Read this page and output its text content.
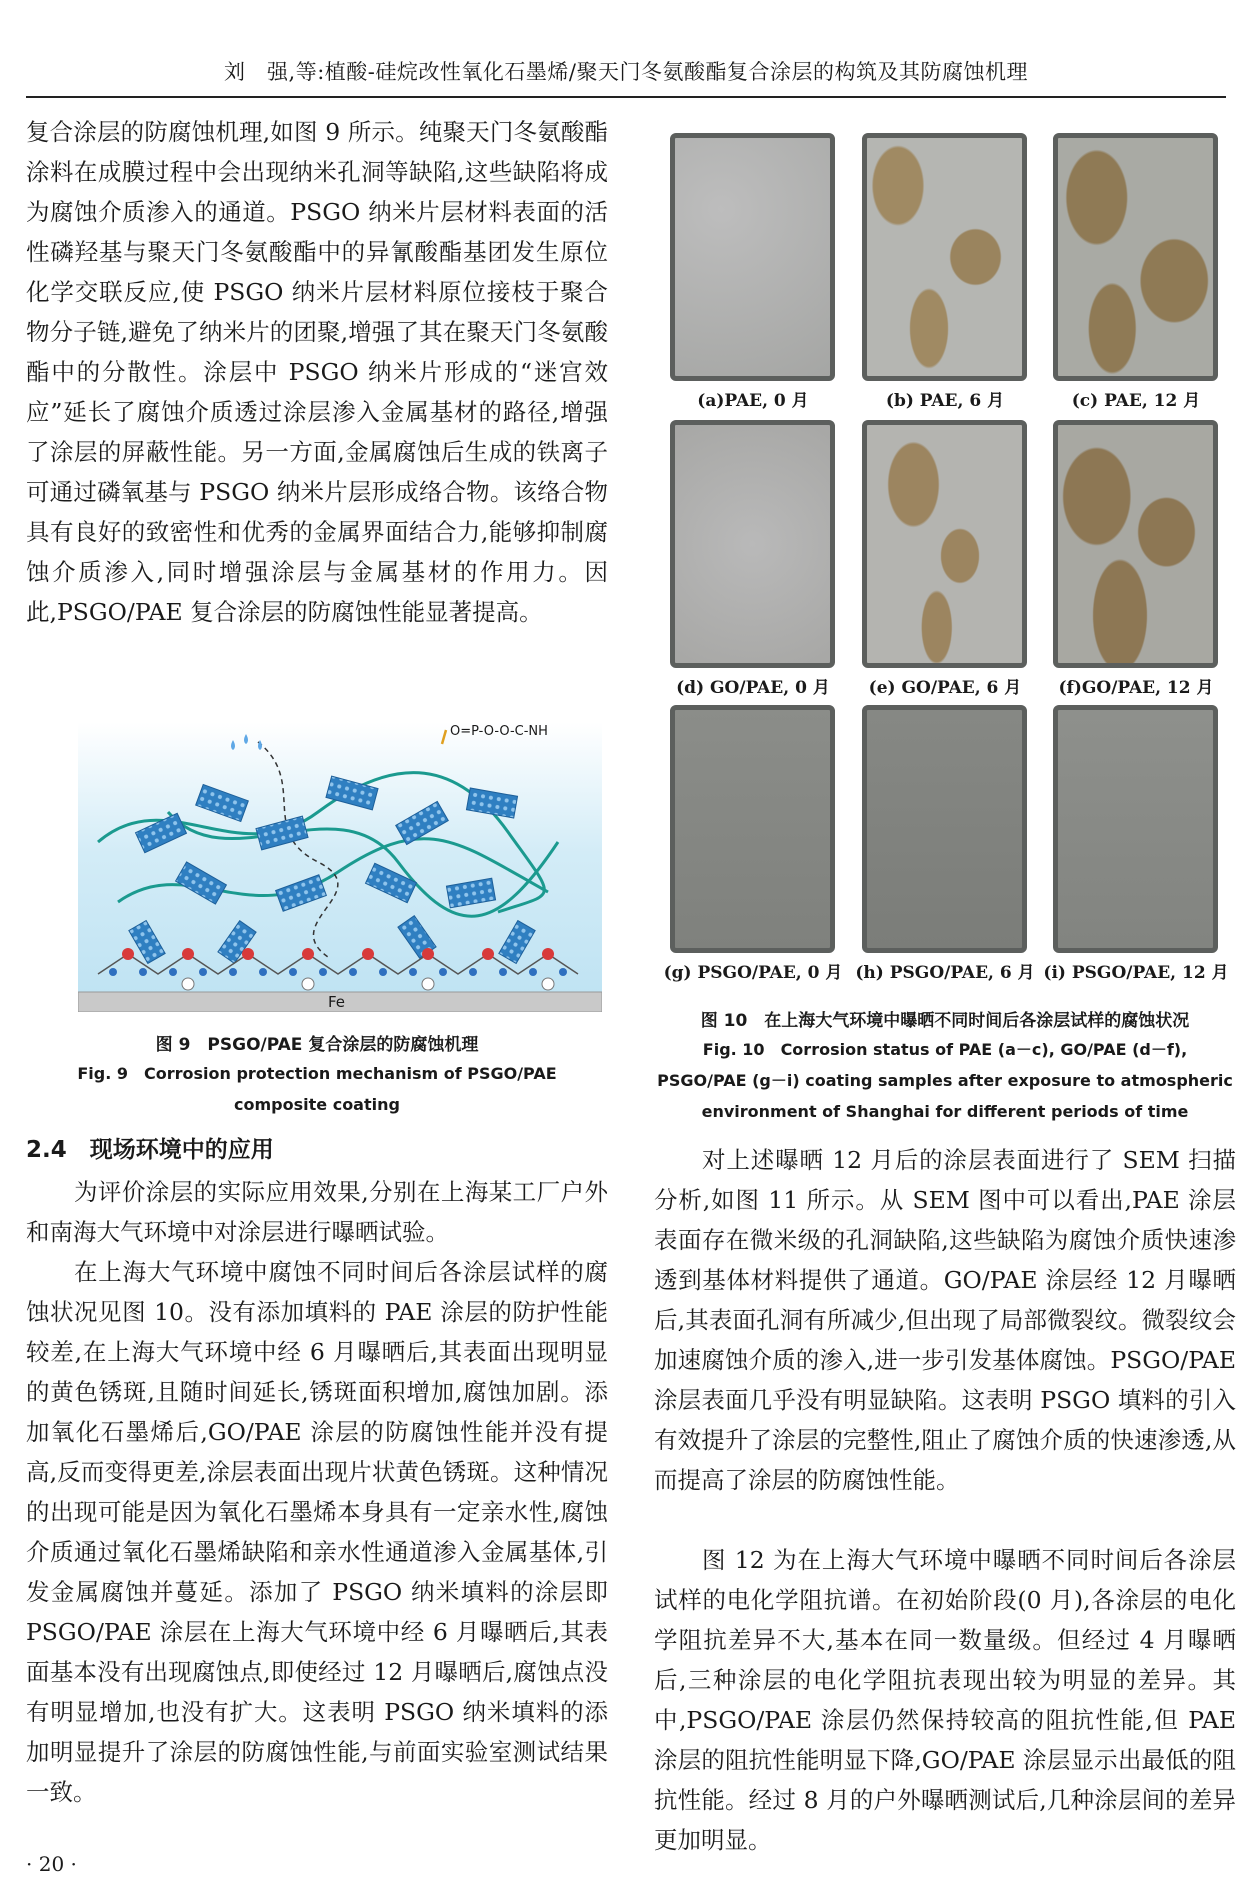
刘　强,等:植酸-硅烷改性氧化石墨烯/聚天门冬氨酸酯复合涂层的构筑及其防腐蚀机理

复合涂层的防腐蚀机理,如图 9 所示。纯聚天门冬氨酸酯涂料在成膜过程中会出现纳米孔洞等缺陷,这些缺陷将成为腐蚀介质渗入的通道。PSGO 纳米片层材料表面的活性磷羟基与聚天门冬氨酸酯中的异氰酸酯基团发生原位化学交联反应,使 PSGO 纳米片层材料原位接枝于聚合物分子链,避免了纳米片的团聚,增强了其在聚天门冬氨酸酯中的分散性。涂层中 PSGO 纳米片形成的“迷宫效应”延长了腐蚀介质透过涂层渗入金属基材的路径,增强了涂层的屏蔽性能。另一方面,金属腐蚀后生成的铁离子可通过磷氧基与 PSGO 纳米片层形成络合物。该络合物具有良好的致密性和优秀的金属界面结合力,能够抑制腐蚀介质渗入,同时增强涂层与金属基材的作用力。因此,PSGO/PAE 复合涂层的防腐蚀性能显著提高。

O=P-O-O-C-NH
Fe
图 9　PSGO/PAE 复合涂层的防腐蚀机理
Fig. 9　Corrosion protection mechanism of PSGO/PAE
composite coating
2.4　现场环境中的应用

为评价涂层的实际应用效果,分别在上海某工厂户外和南海大气环境中对涂层进行曝晒试验。

在上海大气环境中腐蚀不同时间后各涂层试样的腐蚀状况见图 10。没有添加填料的 PAE 涂层的防护性能较差,在上海大气环境中经 6 月曝晒后,其表面出现明显的黄色锈斑,且随时间延长,锈斑面积增加,腐蚀加剧。添加氧化石墨烯后,GO/PAE 涂层的防腐蚀性能并没有提高,反而变得更差,涂层表面出现片状黄色锈斑。这种情况的出现可能是因为氧化石墨烯本身具有一定亲水性,腐蚀介质通过氧化石墨烯缺陷和亲水性通道渗入金属基体,引发金属腐蚀并蔓延。添加了 PSGO 纳米填料的涂层即 PSGO/PAE 涂层在上海大气环境中经 6 月曝晒后,其表面基本没有出现腐蚀点,即使经过 12 月曝晒后,腐蚀点没有明显增加,也没有扩大。这表明 PSGO 纳米填料的添加明显提升了涂层的防腐蚀性能,与前面实验室测试结果一致。

(a)PAE, 0 月	(b) PAE, 6 月	(c) PAE, 12 月
(d) GO/PAE, 0 月	(e) GO/PAE, 6 月	(f)GO/PAE, 12 月
(g) PSGO/PAE, 0 月 (h) PSGO/PAE, 6 月 (i) PSGO/PAE, 12 月
图 10　在上海大气环境中曝晒不同时间后各涂层试样的腐蚀状况
Fig. 10　Corrosion status of PAE (a－c), GO/PAE (d－f),
PSGO/PAE (g－i) coating samples after exposure to atmospheric
environment of Shanghai for different periods of time

对上述曝晒 12 月后的涂层表面进行了 SEM 扫描分析,如图 11 所示。从 SEM 图中可以看出,PAE 涂层表面存在微米级的孔洞缺陷,这些缺陷为腐蚀介质快速渗透到基体材料提供了通道。GO/PAE 涂层经 12 月曝晒后,其表面孔洞有所减少,但出现了局部微裂纹。微裂纹会加速腐蚀介质的渗入,进一步引发基体腐蚀。PSGO/PAE 涂层表面几乎没有明显缺陷。这表明 PSGO 填料的引入有效提升了涂层的完整性,阻止了腐蚀介质的快速渗透,从而提高了涂层的防腐蚀性能。

图 12 为在上海大气环境中曝晒不同时间后各涂层试样的电化学阻抗谱。在初始阶段(0 月),各涂层的电化学阻抗差异不大,基本在同一数量级。但经过 4 月曝晒后,三种涂层的电化学阻抗表现出较为明显的差异。其中,PSGO/PAE 涂层仍然保持较高的阻抗性能,但 PAE 涂层的阻抗性能明显下降,GO/PAE 涂层显示出最低的阻抗性能。经过 8 月的户外曝晒测试后,几种涂层间的差异更加明显。

· 20 ·
